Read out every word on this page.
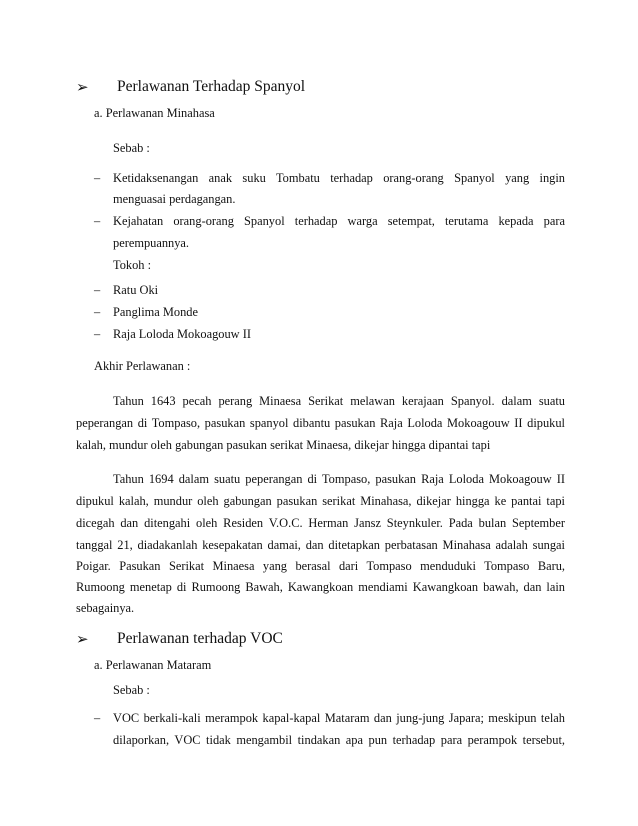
➢ Perlawanan Terhadap Spanyol
a. Perlawanan Minahasa
Sebab :
– Ketidaksenangan anak suku Tombatu terhadap orang-orang Spanyol yang ingin
menguasai perdagangan.
– Kejahatan orang-orang Spanyol terhadap warga setempat, terutama kepada para
perempuannya.
Tokoh :
– Ratu Oki
– Panglima Monde
– Raja Loloda Mokoagouw II
Akhir Perlawanan :
Tahun 1643 pecah perang Minaesa Serikat melawan kerajaan Spanyol. dalam suatu
peperangan di Tompaso, pasukan spanyol dibantu pasukan Raja Loloda Mokoagouw II dipukul
kalah, mundur oleh gabungan pasukan serikat Minaesa, dikejar hingga dipantai tapi
Tahun 1694 dalam suatu peperangan di Tompaso, pasukan Raja Loloda Mokoagouw II
dipukul kalah, mundur oleh gabungan pasukan serikat Minahasa, dikejar hingga ke pantai tapi
dicegah dan ditengahi oleh Residen V.O.C. Herman Jansz Steynkuler. Pada bulan September
tanggal 21, diadakanlah kesepakatan damai, dan ditetapkan perbatasan Minahasa adalah sungai
Poigar. Pasukan Serikat Minaesa yang berasal dari Tompaso menduduki Tompaso Baru,
Rumoong menetap di Rumoong Bawah, Kawangkoan mendiami Kawangkoan bawah, dan lain
sebagainya.
➢ Perlawanan terhadap VOC
a. Perlawanan Mataram
Sebab :
– VOC berkali-kali merampok kapal-kapal Mataram dan jung-jung Japara; meskipun telah
dilaporkan, VOC tidak mengambil tindakan apa pun terhadap para perampok tersebut,
